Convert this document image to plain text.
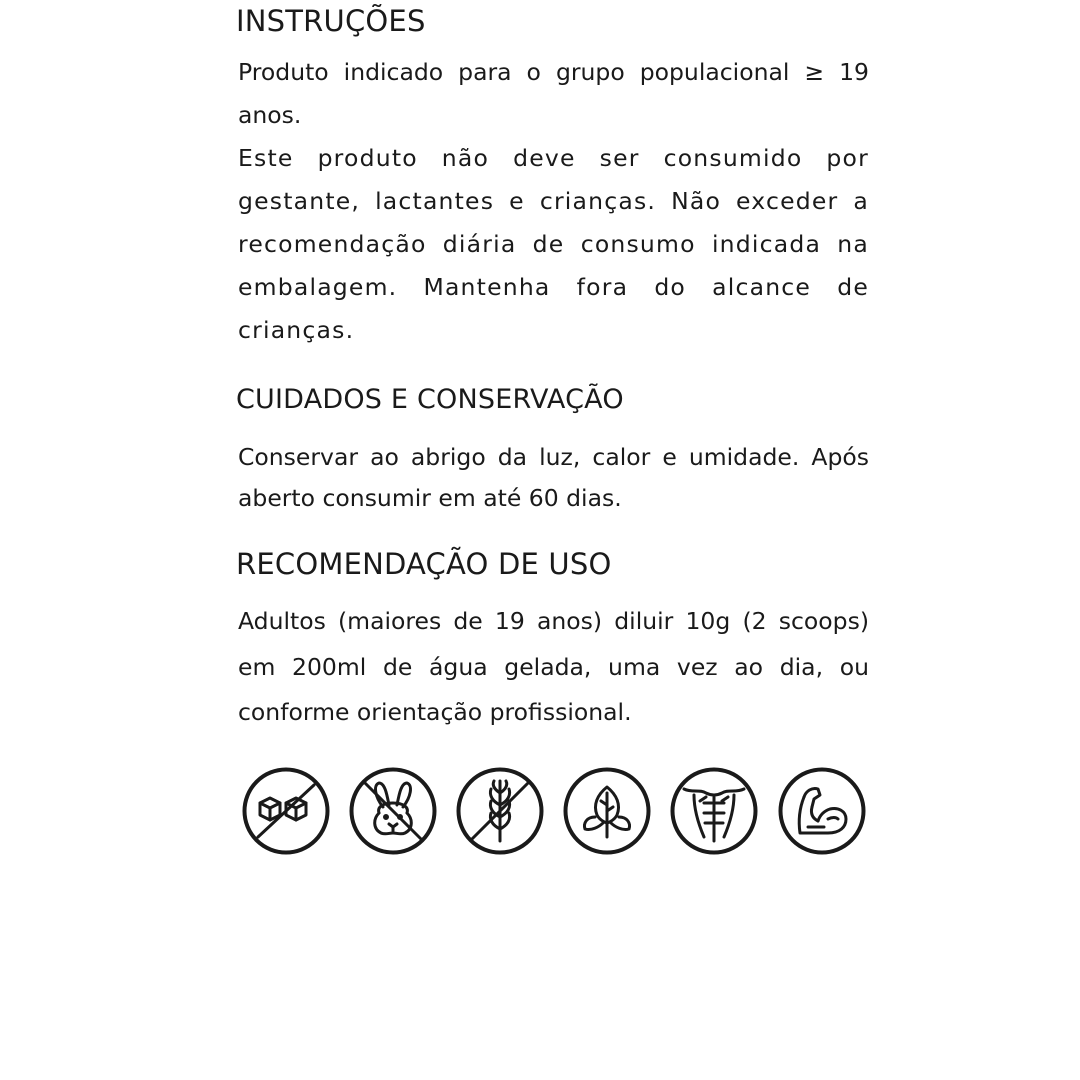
INSTRUÇÕES

Produto indicado para o grupo populacional ≥ 19 anos.

Este produto não deve ser consumido por gestante, lactantes e crianças. Não exceder a recomendação diária de consumo indicada na embalagem. Mantenha fora do alcance de crianças.

CUIDADOS E CONSERVAÇÃO

Conservar ao abrigo da luz, calor e umidade. Após aberto consumir em até 60 dias.

RECOMENDAÇÃO DE USO

Adultos (maiores de 19 anos) diluir 10g (2 scoops) em 200ml de água gelada, uma vez ao dia, ou conforme orientação profissional.
